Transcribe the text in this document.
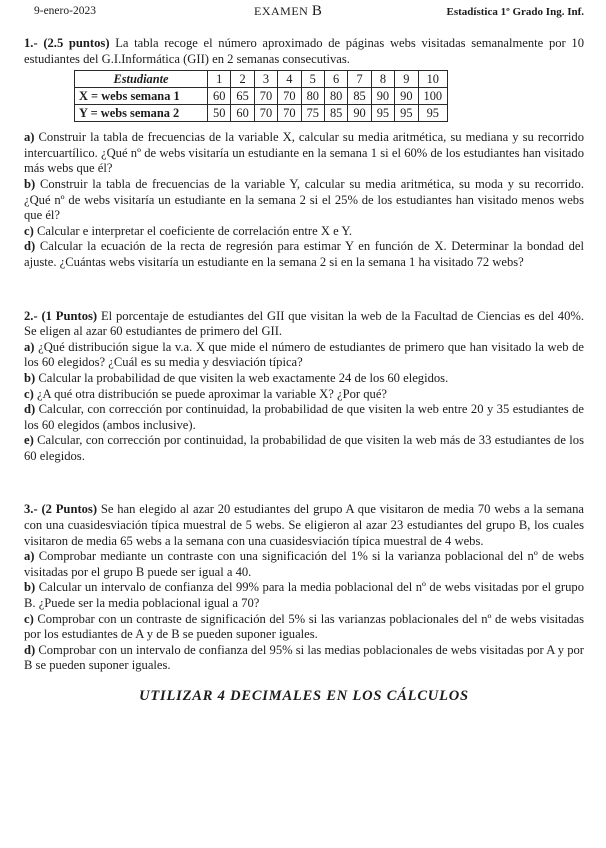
9-enero-2023	EXAMEN B	Estadística 1º Grado Ing. Inf.

1.- (2.5 puntos) La tabla recoge el número aproximado de páginas webs visitadas semanalmente por 10 estudiantes del G.I.Informática (GII) en 2 semanas consecutivas.

Estudiante	1	2	3	4	5	6	7	8	9	10
X = webs semana 1	60	65	70	70	80	80	85	90	90	100
Y = webs semana 2	50	60	70	70	75	85	90	95	95	95

a) Construir la tabla de frecuencias de la variable X, calcular su media aritmética, su mediana y su recorrido intercuartílico. ¿Qué nº de webs visitaría un estudiante en la semana 1 si el 60% de los estudiantes han visitado más webs que él?

b) Construir la tabla de frecuencias de la variable Y, calcular su media aritmética, su moda y su recorrido. ¿Qué nº de webs visitaría un estudiante en la semana 2 si el 25% de los estudiantes han visitado menos webs que él?

c) Calcular e interpretar el coeficiente de correlación entre X e Y.

d) Calcular la ecuación de la recta de regresión para estimar Y en función de X. Determinar la bondad del ajuste. ¿Cuántas webs visitaría un estudiante en la semana 2 si en la semana 1 ha visitado 72 webs?

2.- (1 Puntos) El porcentaje de estudiantes del GII que visitan la web de la Facultad de Ciencias es del 40%. Se eligen al azar 60 estudiantes de primero del GII.

a) ¿Qué distribución sigue la v.a. X que mide el número de estudiantes de primero que han visitado la web de los 60 elegidos? ¿Cuál es su media y desviación típica?

b) Calcular la probabilidad de que visiten la web exactamente 24 de los 60 elegidos.

c) ¿A qué otra distribución se puede aproximar la variable X? ¿Por qué?

d) Calcular, con corrección por continuidad, la probabilidad de que visiten la web entre 20 y 35 estudiantes de los 60 elegidos (ambos inclusive).

e) Calcular, con corrección por continuidad, la probabilidad de que visiten la web más de 33 estudiantes de los 60 elegidos.

3.- (2 Puntos) Se han elegido al azar 20 estudiantes del grupo A que visitaron de media 70 webs a la semana con una cuasidesviación típica muestral de 5 webs. Se eligieron al azar 23 estudiantes del grupo B, los cuales visitaron de media 65 webs a la semana con una cuasidesviación típica muestral de 4 webs.

a) Comprobar mediante un contraste con una significación del 1% si la varianza poblacional del nº de webs visitadas por el grupo B puede ser igual a 40.

b) Calcular un intervalo de confianza del 99% para la media poblacional del nº de webs visitadas por el grupo B. ¿Puede ser la media poblacional igual a 70?

c) Comprobar con un contraste de significación del 5% si las varianzas poblacionales del nº de webs visitadas por los estudiantes de A y de B se pueden suponer iguales.

d) Comprobar con un intervalo de confianza del 95% si las medias poblacionales de webs visitadas por A y por B se pueden suponer iguales.

UTILIZAR 4 DECIMALES EN LOS CÁLCULOS
